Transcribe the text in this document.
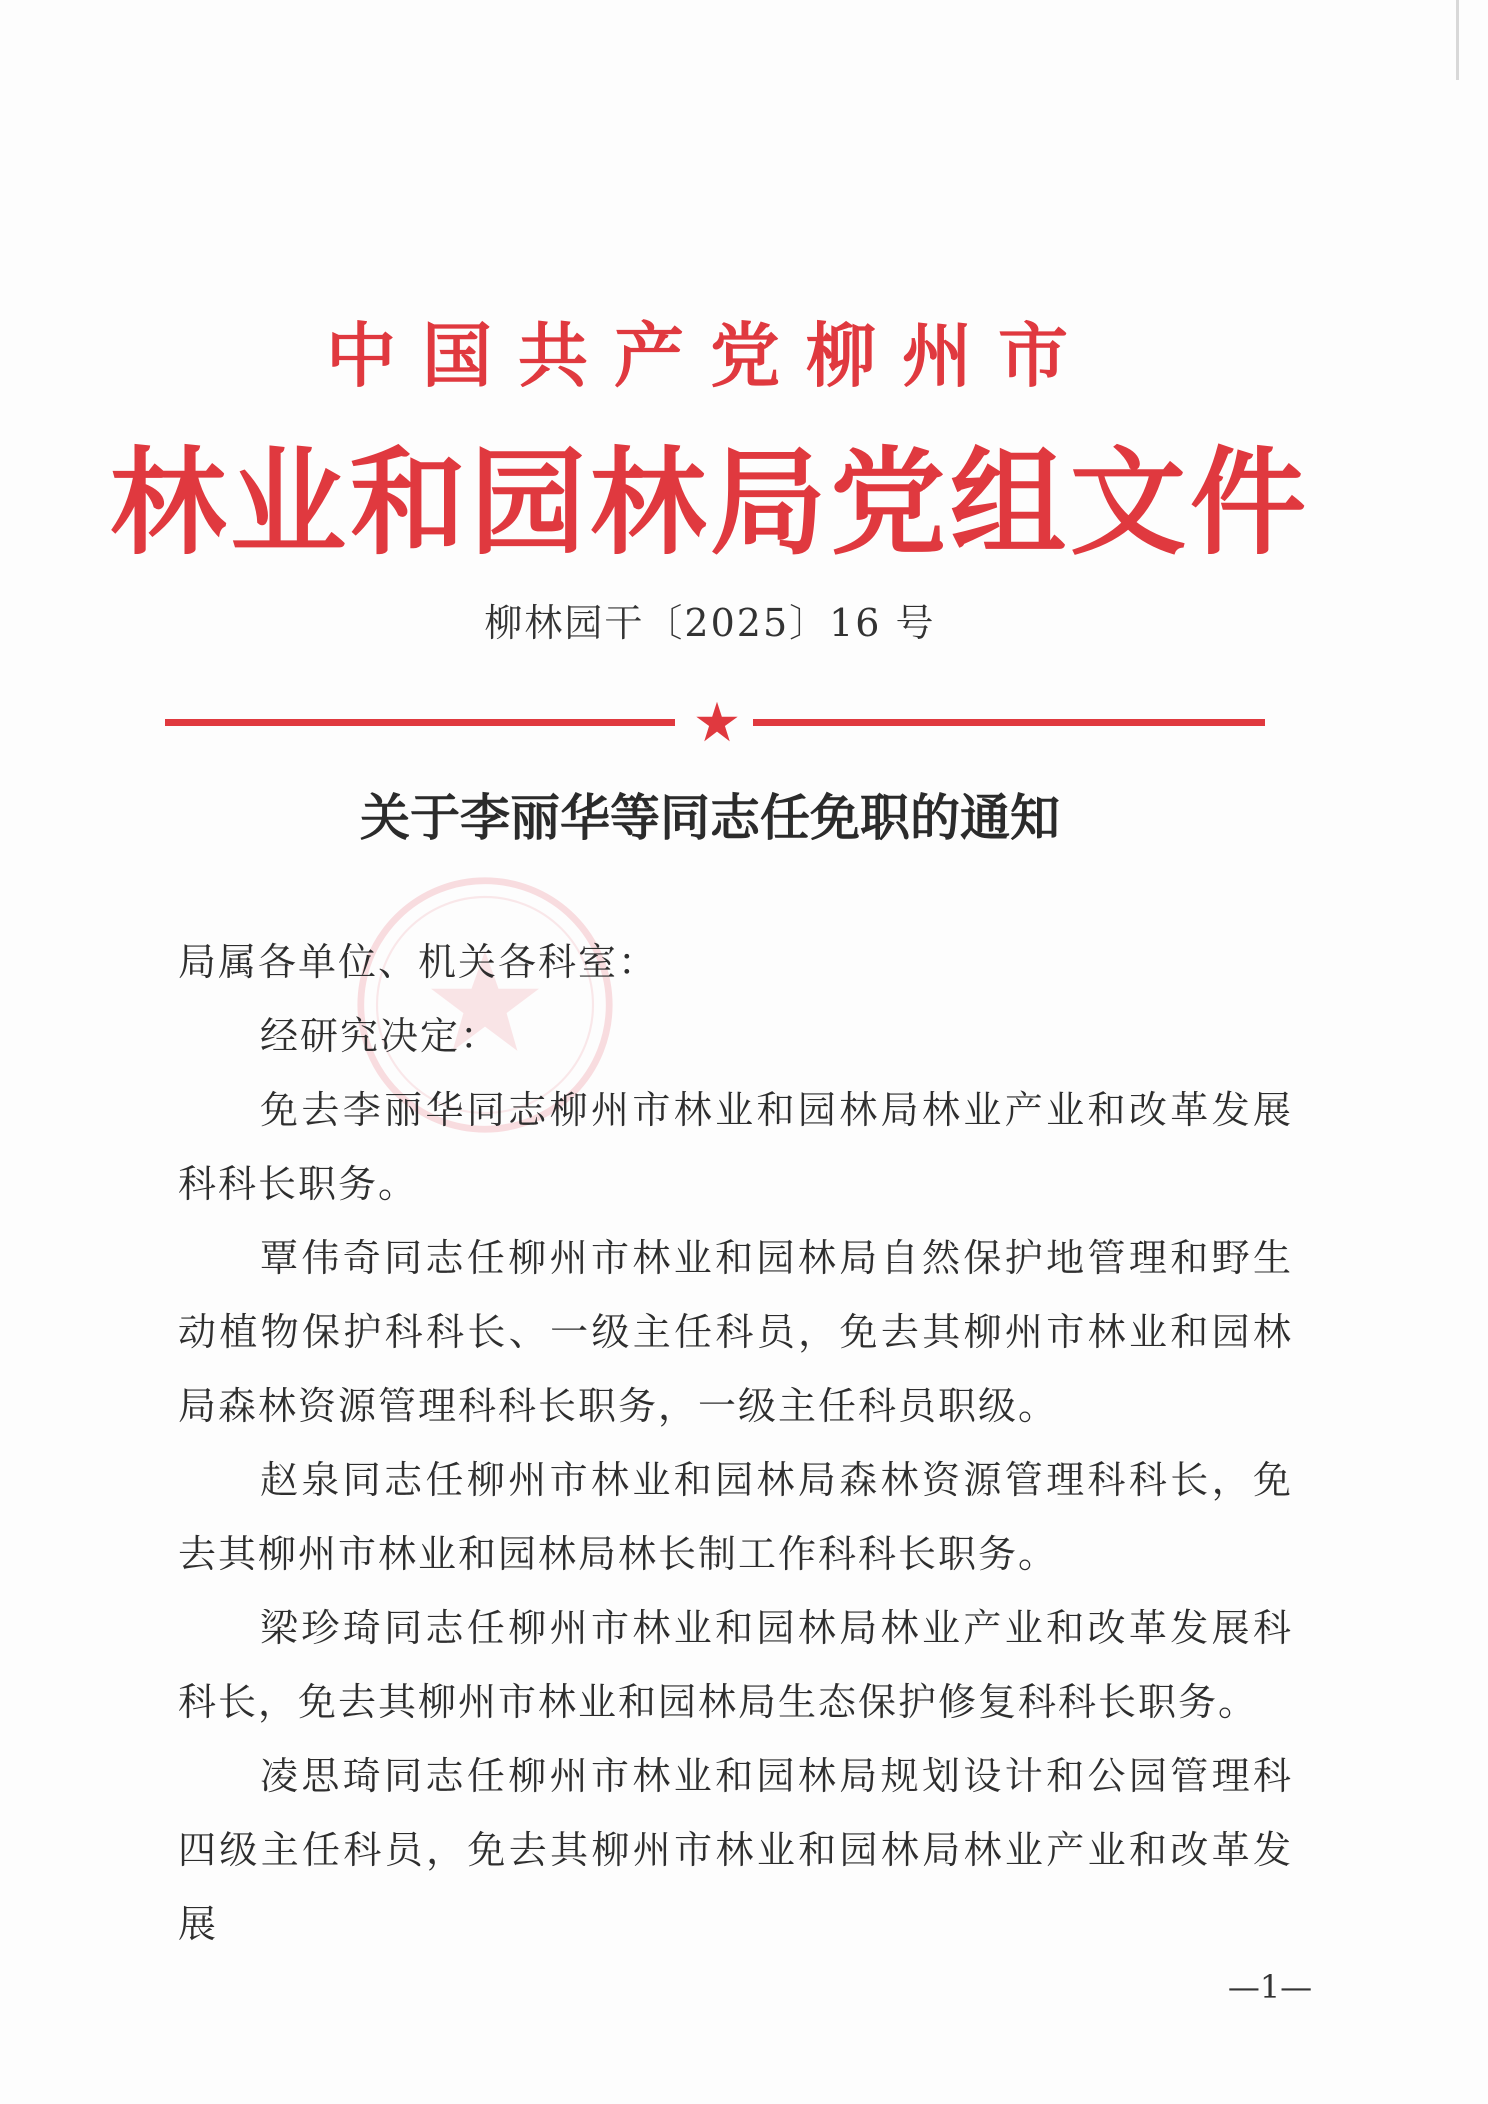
中国共产党柳州市
林业和园林局党组文件
柳林园干〔2025〕16 号
关于李丽华等同志任免职的通知

局属各单位、机关各科室：

经研究决定：

免去李丽华同志柳州市林业和园林局林业产业和改革发展科科长职务。

覃伟奇同志任柳州市林业和园林局自然保护地管理和野生动植物保护科科长、一级主任科员，免去其柳州市林业和园林局森林资源管理科科长职务，一级主任科员职级。

赵泉同志任柳州市林业和园林局森林资源管理科科长，免去其柳州市林业和园林局林长制工作科科长职务。

梁珍琦同志任柳州市林业和园林局林业产业和改革发展科科长，免去其柳州市林业和园林局生态保护修复科科长职务。

凌思琦同志任柳州市林业和园林局规划设计和公园管理科四级主任科员，免去其柳州市林业和园林局林业产业和改革发展

—1—
